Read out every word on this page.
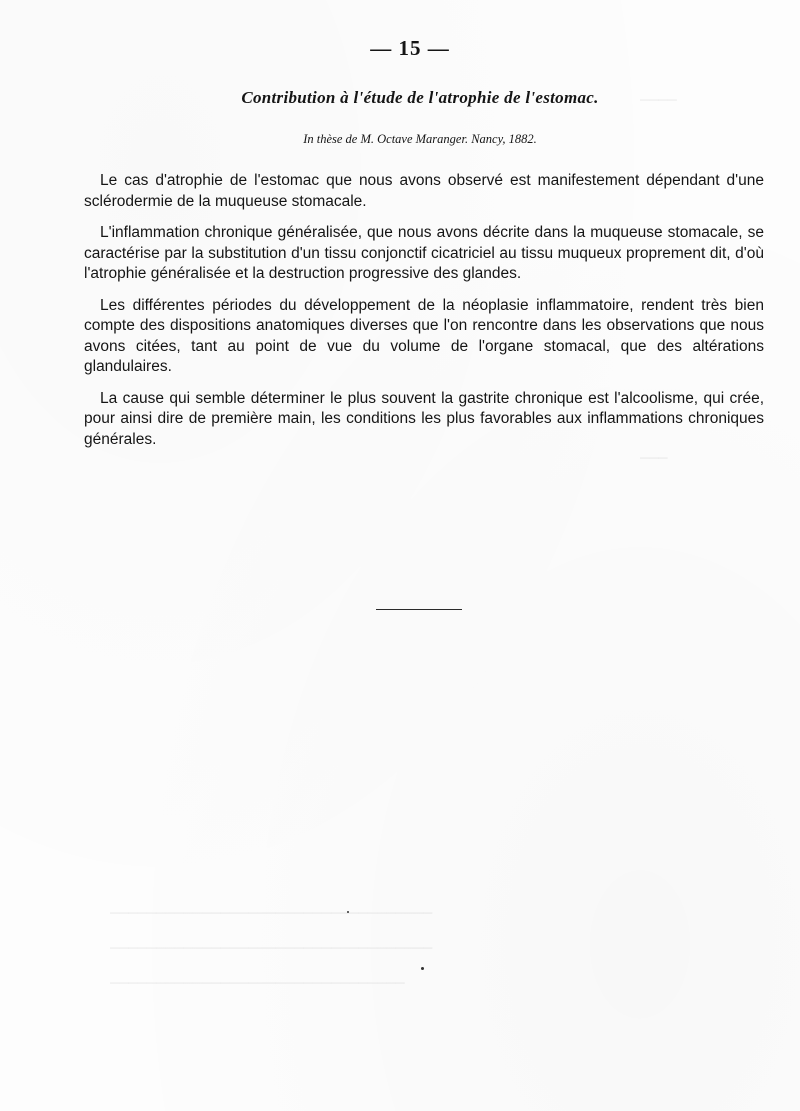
────
───
───────────────────────────────────
───────────────────────────────────
────────────────────────────────
— 15 —
Contribution à l'étude de l'atrophie de l'estomac.
In thèse de M. Octave Maranger. Nancy, 1882.

Le cas d'atrophie de l'estomac que nous avons observé est manifestement dépendant d'une sclérodermie de la muqueuse stomacale.

L'inflammation chronique généralisée, que nous avons décrite dans la muqueuse stomacale, se caractérise par la substitution d'un tissu conjonctif cicatriciel au tissu muqueux proprement dit, d'où l'atrophie généralisée et la destruction progressive des glandes.

Les différentes périodes du développement de la néoplasie inflammatoire, rendent très bien compte des dispositions anatomiques diverses que l'on rencontre dans les observations que nous avons citées, tant au point de vue du volume de l'organe stomacal, que des altérations glandulaires.

La cause qui semble déterminer le plus souvent la gastrite chronique est l'alcoolisme, qui crée, pour ainsi dire de première main, les conditions les plus favorables aux inflammations chroniques générales.
